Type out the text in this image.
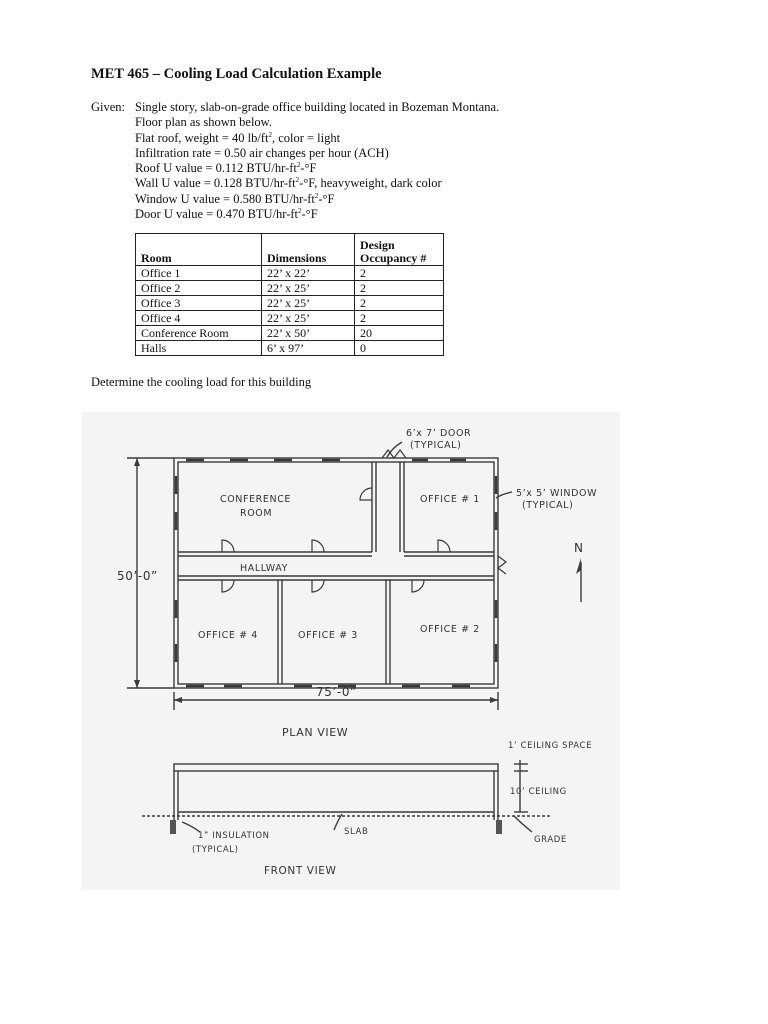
MET 465 – Cooling Load Calculation Example
Given: Single story, slab-on-grade office building located in Bozeman Montana.
Floor plan as shown below.
Flat roof, weight = 40 $lb/ft^2$, color = light
Infiltration rate = 0.50 air changes per hour (ACH)
Roof U value = 0.112 BTU/$hr-ft^2-^\circ F$
Wall U value = 0.128 BTU/$hr-ft^2-^\circ F$, heavyweight, dark color
Window U value = 0.580 BTU/$hr-ft^2-^\circ F$
Door U value = 0.470 BTU/$hr-ft^2-^\circ F$
Room	Dimensions	Design
Occupancy #
Office 1	22’ x 22’	2
Office 2	22’ x 25’	2
Office 3	22’ x 25’	2
Office 4	22’ x 25’	2
Conference Room	22’ x 50’	20
Halls	6’ x 97’	0
Determine the cooling load for this building
6’x 7’ DOOR
(TYPICAL)
5’x 5’ WINDOW
(TYPICAL)
CONFERENCE
ROOM
OFFICE # 1
OFFICE # 2
OFFICE # 3
OFFICE # 4
HALLWAY
N
50’-0”
75’-0”
PLAN VIEW
1’ CEILING SPACE
10’ CEILING
SLAB
1” INSULATION
(TYPICAL)
GRADE
FRONT VIEW
